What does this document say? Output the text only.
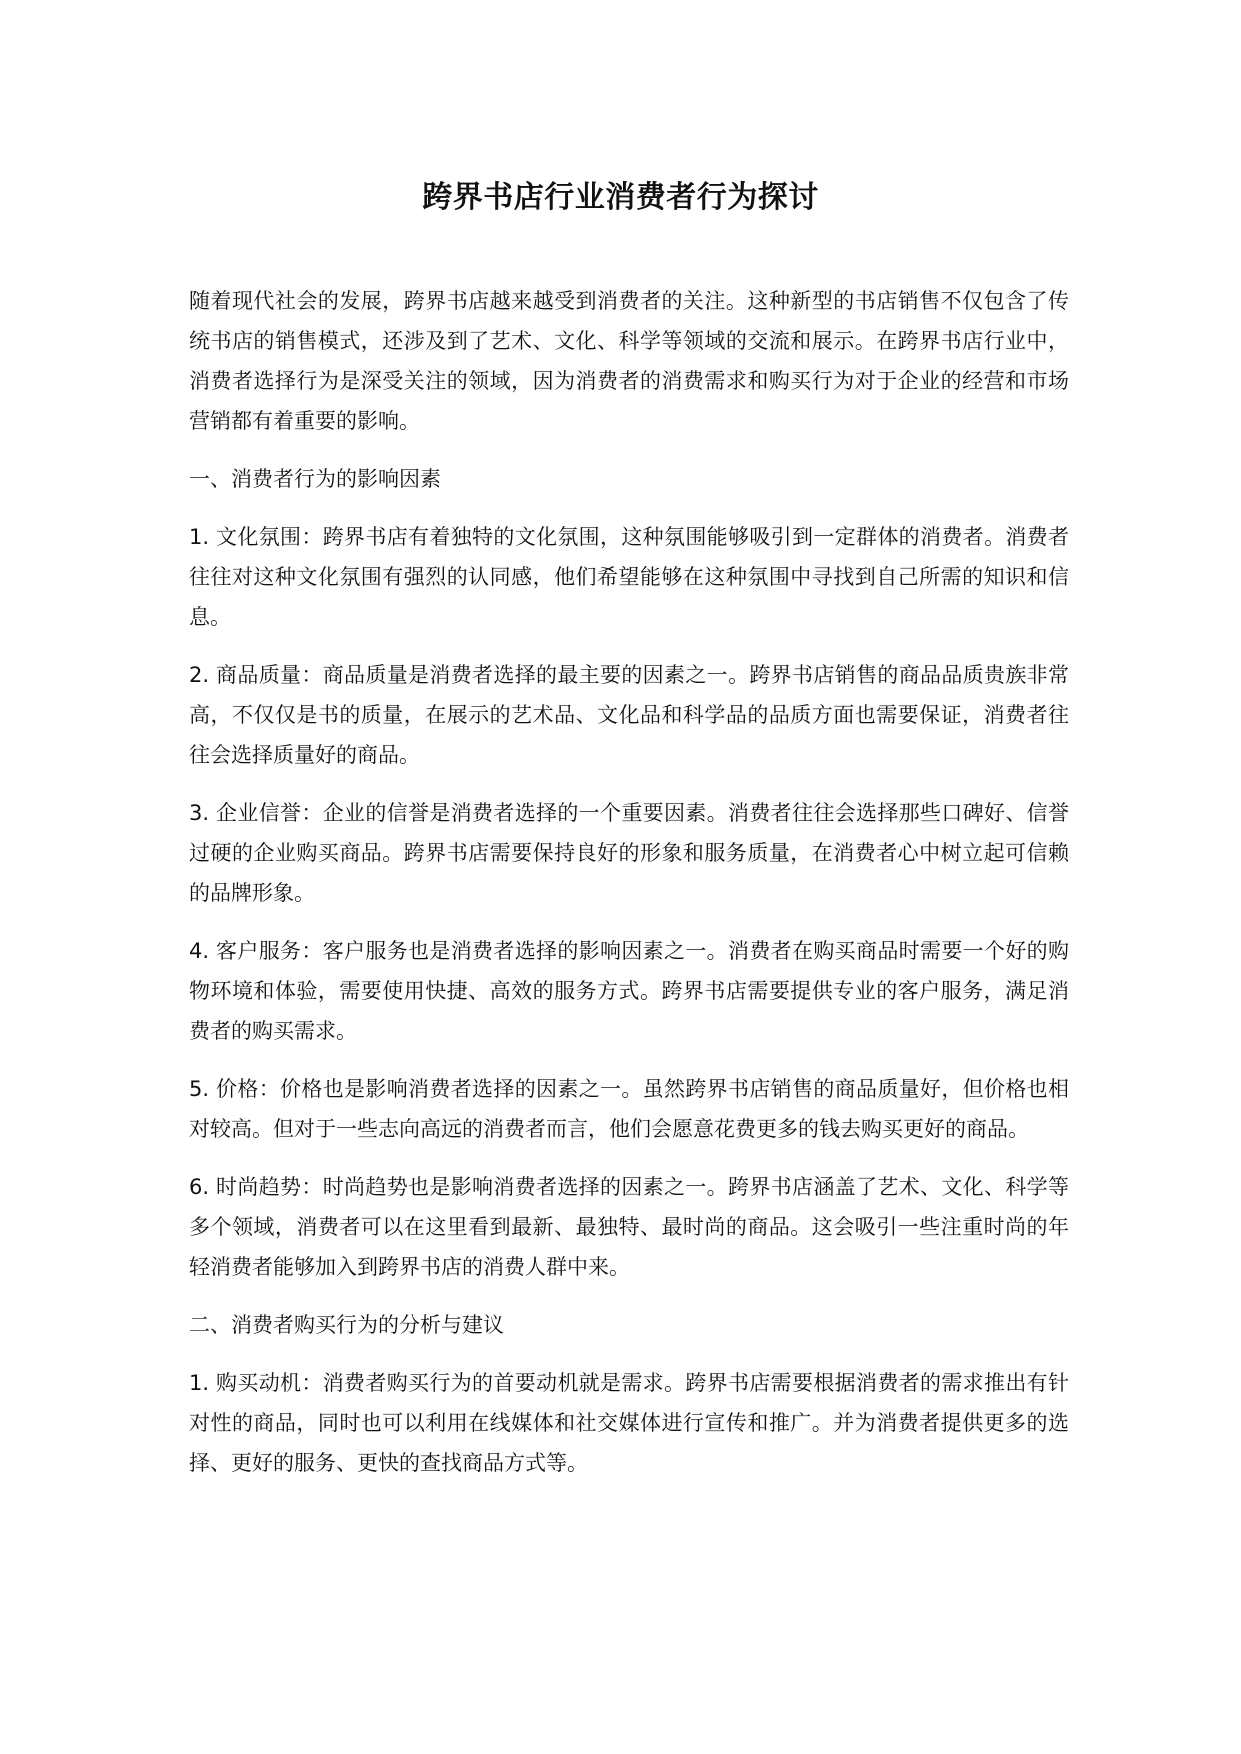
跨界书店行业消费者行为探讨

随着现代社会的发展，跨界书店越来越受到消费者的关注。这种新型的书店销售不仅包含了传统书店的销售模式，还涉及到了艺术、文化、科学等领域的交流和展示。在跨界书店行业中，消费者选择行为是深受关注的领域，因为消费者的消费需求和购买行为对于企业的经营和市场营销都有着重要的影响。

一、消费者行为的影响因素

1. 文化氛围：跨界书店有着独特的文化氛围，这种氛围能够吸引到一定群体的消费者。消费者往往对这种文化氛围有强烈的认同感，他们希望能够在这种氛围中寻找到自己所需的知识和信息。

2. 商品质量：商品质量是消费者选择的最主要的因素之一。跨界书店销售的商品品质贵族非常高，不仅仅是书的质量，在展示的艺术品、文化品和科学品的品质方面也需要保证，消费者往往会选择质量好的商品。

3. 企业信誉：企业的信誉是消费者选择的一个重要因素。消费者往往会选择那些口碑好、信誉过硬的企业购买商品。跨界书店需要保持良好的形象和服务质量，在消费者心中树立起可信赖的品牌形象。

4. 客户服务：客户服务也是消费者选择的影响因素之一。消费者在购买商品时需要一个好的购物环境和体验，需要使用快捷、高效的服务方式。跨界书店需要提供专业的客户服务，满足消费者的购买需求。

5. 价格：价格也是影响消费者选择的因素之一。虽然跨界书店销售的商品质量好，但价格也相对较高。但对于一些志向高远的消费者而言，他们会愿意花费更多的钱去购买更好的商品。

6. 时尚趋势：时尚趋势也是影响消费者选择的因素之一。跨界书店涵盖了艺术、文化、科学等多个领域，消费者可以在这里看到最新、最独特、最时尚的商品。这会吸引一些注重时尚的年轻消费者能够加入到跨界书店的消费人群中来。

二、消费者购买行为的分析与建议

1. 购买动机：消费者购买行为的首要动机就是需求。跨界书店需要根据消费者的需求推出有针对性的商品，同时也可以利用在线媒体和社交媒体进行宣传和推广。并为消费者提供更多的选择、更好的服务、更快的查找商品方式等。
